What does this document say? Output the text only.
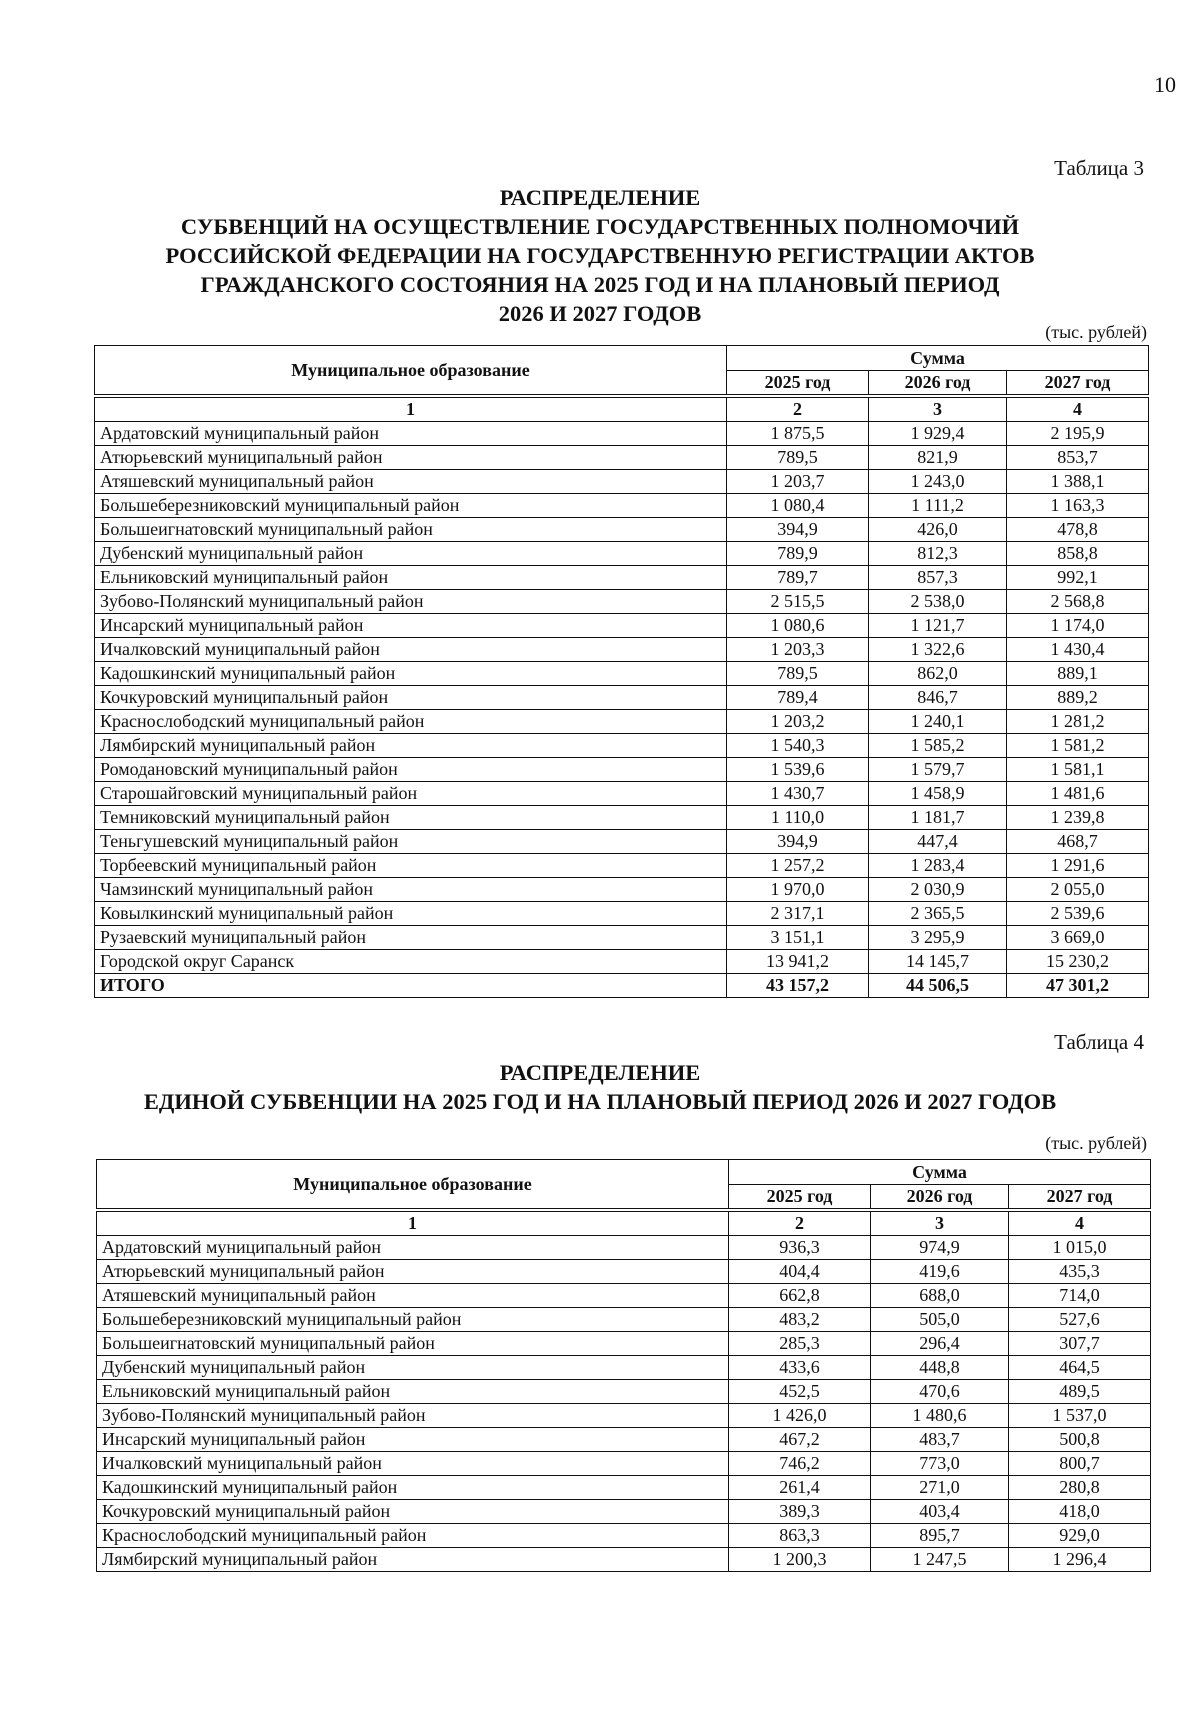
10
Таблица 3
РАСПРЕДЕЛЕНИЕ
СУБВЕНЦИЙ НА ОСУЩЕСТВЛЕНИЕ ГОСУДАРСТВЕННЫХ ПОЛНОМОЧИЙ
РОССИЙСКОЙ ФЕДЕРАЦИИ НА ГОСУДАРСТВЕННУЮ РЕГИСТРАЦИИ АКТОВ
ГРАЖДАНСКОГО СОСТОЯНИЯ НА 2025 ГОД И НА ПЛАНОВЫЙ ПЕРИОД
2026 И 2027 ГОДОВ
(тыс. рублей)
Муниципальное образование	Сумма		
	2025 год	2026 год	2027 год
1	2	3	4
Ардатовский муниципальный район	1 875,5	1 929,4	2 195,9
Атюрьевский муниципальный район	789,5	821,9	853,7
Атяшевский муниципальный район	1 203,7	1 243,0	1 388,1
Большеберезниковский муниципальный район	1 080,4	1 111,2	1 163,3
Большеигнатовский муниципальный район	394,9	426,0	478,8
Дубенский муниципальный район	789,9	812,3	858,8
Ельниковский муниципальный район	789,7	857,3	992,1
Зубово-Полянский муниципальный район	2 515,5	2 538,0	2 568,8
Инсарский муниципальный район	1 080,6	1 121,7	1 174,0
Ичалковский муниципальный район	1 203,3	1 322,6	1 430,4
Кадошкинский муниципальный район	789,5	862,0	889,1
Кочкуровский муниципальный район	789,4	846,7	889,2
Краснослободский муниципальный район	1 203,2	1 240,1	1 281,2
Лямбирский муниципальный район	1 540,3	1 585,2	1 581,2
Ромодановский муниципальный район	1 539,6	1 579,7	1 581,1
Старошайговский муниципальный район	1 430,7	1 458,9	1 481,6
Темниковский муниципальный район	1 110,0	1 181,7	1 239,8
Теньгушевский муниципальный район	394,9	447,4	468,7
Торбеевский муниципальный район	1 257,2	1 283,4	1 291,6
Чамзинский муниципальный район	1 970,0	2 030,9	2 055,0
Ковылкинский муниципальный район	2 317,1	2 365,5	2 539,6
Рузаевский муниципальный район	3 151,1	3 295,9	3 669,0
Городской округ Саранск	13 941,2	14 145,7	15 230,2
ИТОГО	43 157,2	44 506,5	47 301,2
Таблица 4
РАСПРЕДЕЛЕНИЕ
ЕДИНОЙ СУБВЕНЦИИ НА 2025 ГОД И НА ПЛАНОВЫЙ ПЕРИОД 2026 И 2027 ГОДОВ
(тыс. рублей)
Муниципальное образование	Сумма		
	2025 год	2026 год	2027 год
1	2	3	4
Ардатовский муниципальный район	936,3	974,9	1 015,0
Атюрьевский муниципальный район	404,4	419,6	435,3
Атяшевский муниципальный район	662,8	688,0	714,0
Большеберезниковский муниципальный район	483,2	505,0	527,6
Большеигнатовский муниципальный район	285,3	296,4	307,7
Дубенский муниципальный район	433,6	448,8	464,5
Ельниковский муниципальный район	452,5	470,6	489,5
Зубово-Полянский муниципальный район	1 426,0	1 480,6	1 537,0
Инсарский муниципальный район	467,2	483,7	500,8
Ичалковский муниципальный район	746,2	773,0	800,7
Кадошкинский муниципальный район	261,4	271,0	280,8
Кочкуровский муниципальный район	389,3	403,4	418,0
Краснослободский муниципальный район	863,3	895,7	929,0
Лямбирский муниципальный район	1 200,3	1 247,5	1 296,4
